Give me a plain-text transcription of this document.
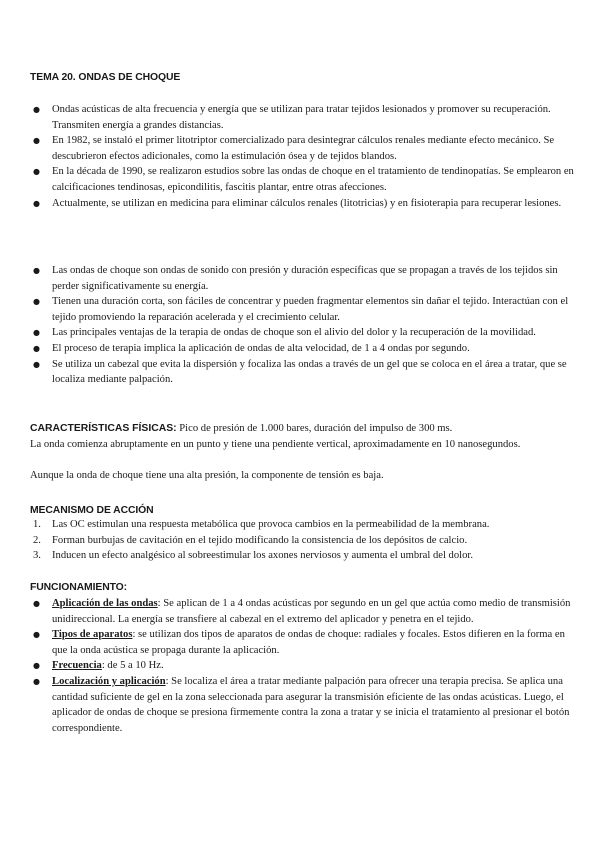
TEMA 20. ONDAS DE CHOQUE
● Ondas acústicas de alta frecuencia y energía que se utilizan para tratar tejidos lesionados y promover su recuperación. Transmiten energía a grandes distancias.
● En 1982, se instaló el primer litotriptor comercializado para desintegrar cálculos renales mediante efecto mecánico. Se descubrieron efectos adicionales, como la estimulación ósea y de tejidos blandos.
● En la década de 1990, se realizaron estudios sobre las ondas de choque en el tratamiento de tendinopatías. Se emplearon en calcificaciones tendinosas, epicondilitis, fascitis plantar, entre otras afecciones.
● Actualmente, se utilizan en medicina para eliminar cálculos renales (litotricias) y en fisioterapia para recuperar lesiones.
● Las ondas de choque son ondas de sonido con presión y duración específicas que se propagan a través de los tejidos sin perder significativamente su energía.
● Tienen una duración corta, son fáciles de concentrar y pueden fragmentar elementos sin dañar el tejido. Interactúan con el tejido promoviendo la reparación acelerada y el crecimiento celular.
● Las principales ventajas de la terapia de ondas de choque son el alivio del dolor y la recuperación de la movilidad.
● El proceso de terapia implica la aplicación de ondas de alta velocidad, de 1 a 4 ondas por segundo.
● Se utiliza un cabezal que evita la dispersión y focaliza las ondas a través de un gel que se coloca en el área a tratar, que se localiza mediante palpación.

CARACTERÍSTICAS FÍSICAS: Pico de presión de 1.000 bares, duración del impulso de 300 ms.

La onda comienza abruptamente en un punto y tiene una pendiente vertical, aproximadamente en 10 nanosegundos.

Aunque la onda de choque tiene una alta presión, la componente de tensión es baja.

MECANISMO DE ACCIÓN
1. Las OC estimulan una respuesta metabólica que provoca cambios en la permeabilidad de la membrana.
2. Forman burbujas de cavitación en el tejido modificando la consistencia de los depósitos de calcio.
3. Inducen un efecto analgésico al sobreestimular los axones nerviosos y aumenta el umbral del dolor.
FUNCIONAMIENTO:
● Aplicación de las ondas: Se aplican de 1 a 4 ondas acústicas por segundo en un gel que actúa como medio de transmisión unidireccional. La energía se transfiere al cabezal en el extremo del aplicador y penetra en el tejido.
● Tipos de aparatos: se utilizan dos tipos de aparatos de ondas de choque: radiales y focales. Estos difieren en la forma en que la onda acústica se propaga durante la aplicación.
● Frecuencia: de 5 a 10 Hz.
● Localización y aplicación: Se localiza el área a tratar mediante palpación para ofrecer una terapia precisa. Se aplica una cantidad suficiente de gel en la zona seleccionada para asegurar la transmisión eficiente de las ondas acústicas. Luego, el aplicador de ondas de choque se presiona firmemente contra la zona a tratar y se inicia el tratamiento al presionar el botón correspondiente.
